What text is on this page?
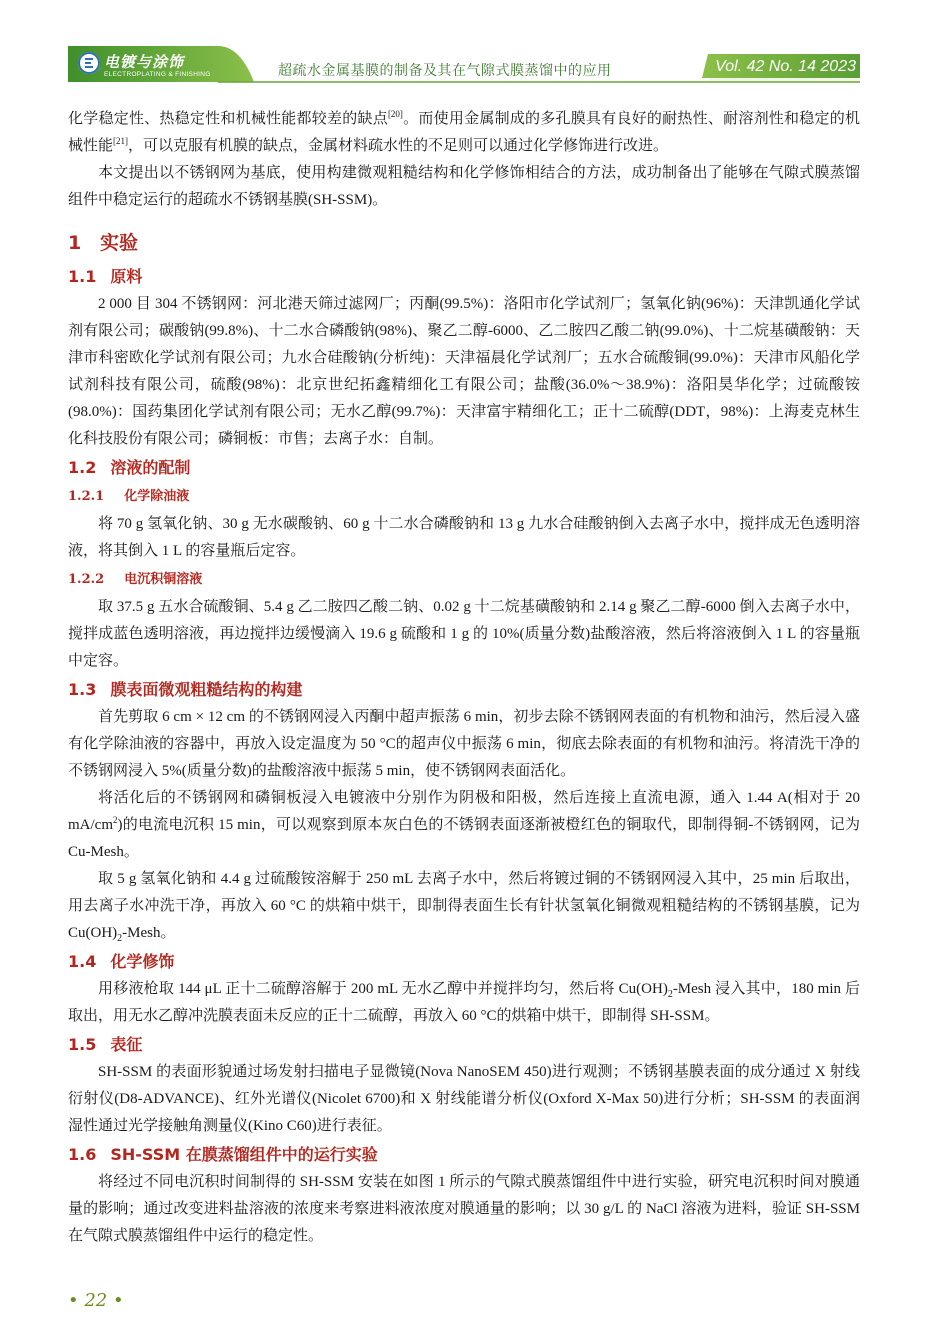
电镀与涂饰
ELECTROPLATING & FINISHING	超疏水金属基膜的制备及其在气隙式膜蒸馏中的应用	Vol. 42 No. 14 2023

化学稳定性、热稳定性和机械性能都较差的缺点[20]。而使用金属制成的多孔膜具有良好的耐热性、耐溶剂性和稳定的机械性能[21]，可以克服有机膜的缺点，金属材料疏水性的不足则可以通过化学修饰进行改进。

本文提出以不锈钢网为基底，使用构建微观粗糙结构和化学修饰相结合的方法，成功制备出了能够在气隙式膜蒸馏组件中稳定运行的超疏水不锈钢基膜(SH-SSM)。

1 实验
1.1 原料

2 000 目 304 不锈钢网：河北港天筛过滤网厂；丙酮(99.5%)：洛阳市化学试剂厂；氢氧化钠(96%)：天津凯通化学试剂有限公司；碳酸钠(99.8%)、十二水合磷酸钠(98%)、聚乙二醇-6000、乙二胺四乙酸二钠(99.0%)、十二烷基磺酸钠：天津市科密欧化学试剂有限公司；九水合硅酸钠(分析纯)：天津福晨化学试剂厂；五水合硫酸铜(99.0%)：天津市风船化学试剂科技有限公司，硫酸(98%)：北京世纪拓鑫精细化工有限公司；盐酸(36.0%～38.9%)：洛阳昊华化学；过硫酸铵(98.0%)：国药集团化学试剂有限公司；无水乙醇(99.7%)：天津富宇精细化工；正十二硫醇(DDT，98%)：上海麦克林生化科技股份有限公司；磷铜板：市售；去离子水：自制。

1.2 溶液的配制
1.2.1 化学除油液

将 70 g 氢氧化钠、30 g 无水碳酸钠、60 g 十二水合磷酸钠和 13 g 九水合硅酸钠倒入去离子水中，搅拌成无色透明溶液，将其倒入 1 L 的容量瓶后定容。

1.2.2 电沉积铜溶液

取 37.5 g 五水合硫酸铜、5.4 g 乙二胺四乙酸二钠、0.02 g 十二烷基磺酸钠和 2.14 g 聚乙二醇-6000 倒入去离子水中，搅拌成蓝色透明溶液，再边搅拌边缓慢滴入 19.6 g 硫酸和 1 g 的 10%(质量分数)盐酸溶液，然后将溶液倒入 1 L 的容量瓶中定容。

1.3 膜表面微观粗糙结构的构建

首先剪取 6 cm × 12 cm 的不锈钢网浸入丙酮中超声振荡 6 min，初步去除不锈钢网表面的有机物和油污，然后浸入盛有化学除油液的容器中，再放入设定温度为 50 °C的超声仪中振荡 6 min，彻底去除表面的有机物和油污。将清洗干净的不锈钢网浸入 5%(质量分数)的盐酸溶液中振荡 5 min，使不锈钢网表面活化。

将活化后的不锈钢网和磷铜板浸入电镀液中分别作为阴极和阳极，然后连接上直流电源，通入 1.44 A(相对于 20 $mA/cm^2$)的电流电沉积 15 min，可以观察到原本灰白色的不锈钢表面逐渐被橙红色的铜取代，即制得铜-不锈钢网，记为 Cu-Mesh。

取 5 g 氢氧化钠和 4.4 g 过硫酸铵溶解于 250 mL 去离子水中，然后将镀过铜的不锈钢网浸入其中，25 min 后取出，用去离子水冲洗干净，再放入 60 °C 的烘箱中烘干，即制得表面生长有针状氢氧化铜微观粗糙结构的不锈钢基膜，记为 $Cu(OH)_2$-Mesh。

1.4 化学修饰

用移液枪取 144 μL 正十二硫醇溶解于 200 mL 无水乙醇中并搅拌均匀，然后将 $Cu(OH)_2$-Mesh 浸入其中，180 min 后取出，用无水乙醇冲洗膜表面未反应的正十二硫醇，再放入 60 °C的烘箱中烘干，即制得 SH-SSM。

1.5 表征

SH-SSM 的表面形貌通过场发射扫描电子显微镜(Nova NanoSEM 450)进行观测；不锈钢基膜表面的成分通过 X 射线衍射仪(D8-ADVANCE)、红外光谱仪(Nicolet 6700)和 X 射线能谱分析仪(Oxford X-Max 50)进行分析；SH-SSM 的表面润湿性通过光学接触角测量仪(Kino C60)进行表征。

1.6 SH-SSM 在膜蒸馏组件中的运行实验

将经过不同电沉积时间制得的 SH-SSM 安装在如图 1 所示的气隙式膜蒸馏组件中进行实验，研究电沉积时间对膜通量的影响；通过改变进料盐溶液的浓度来考察进料液浓度对膜通量的影响；以 30 g/L 的 NaCl 溶液为进料，验证 SH-SSM 在气隙式膜蒸馏组件中运行的稳定性。

• 22 •
